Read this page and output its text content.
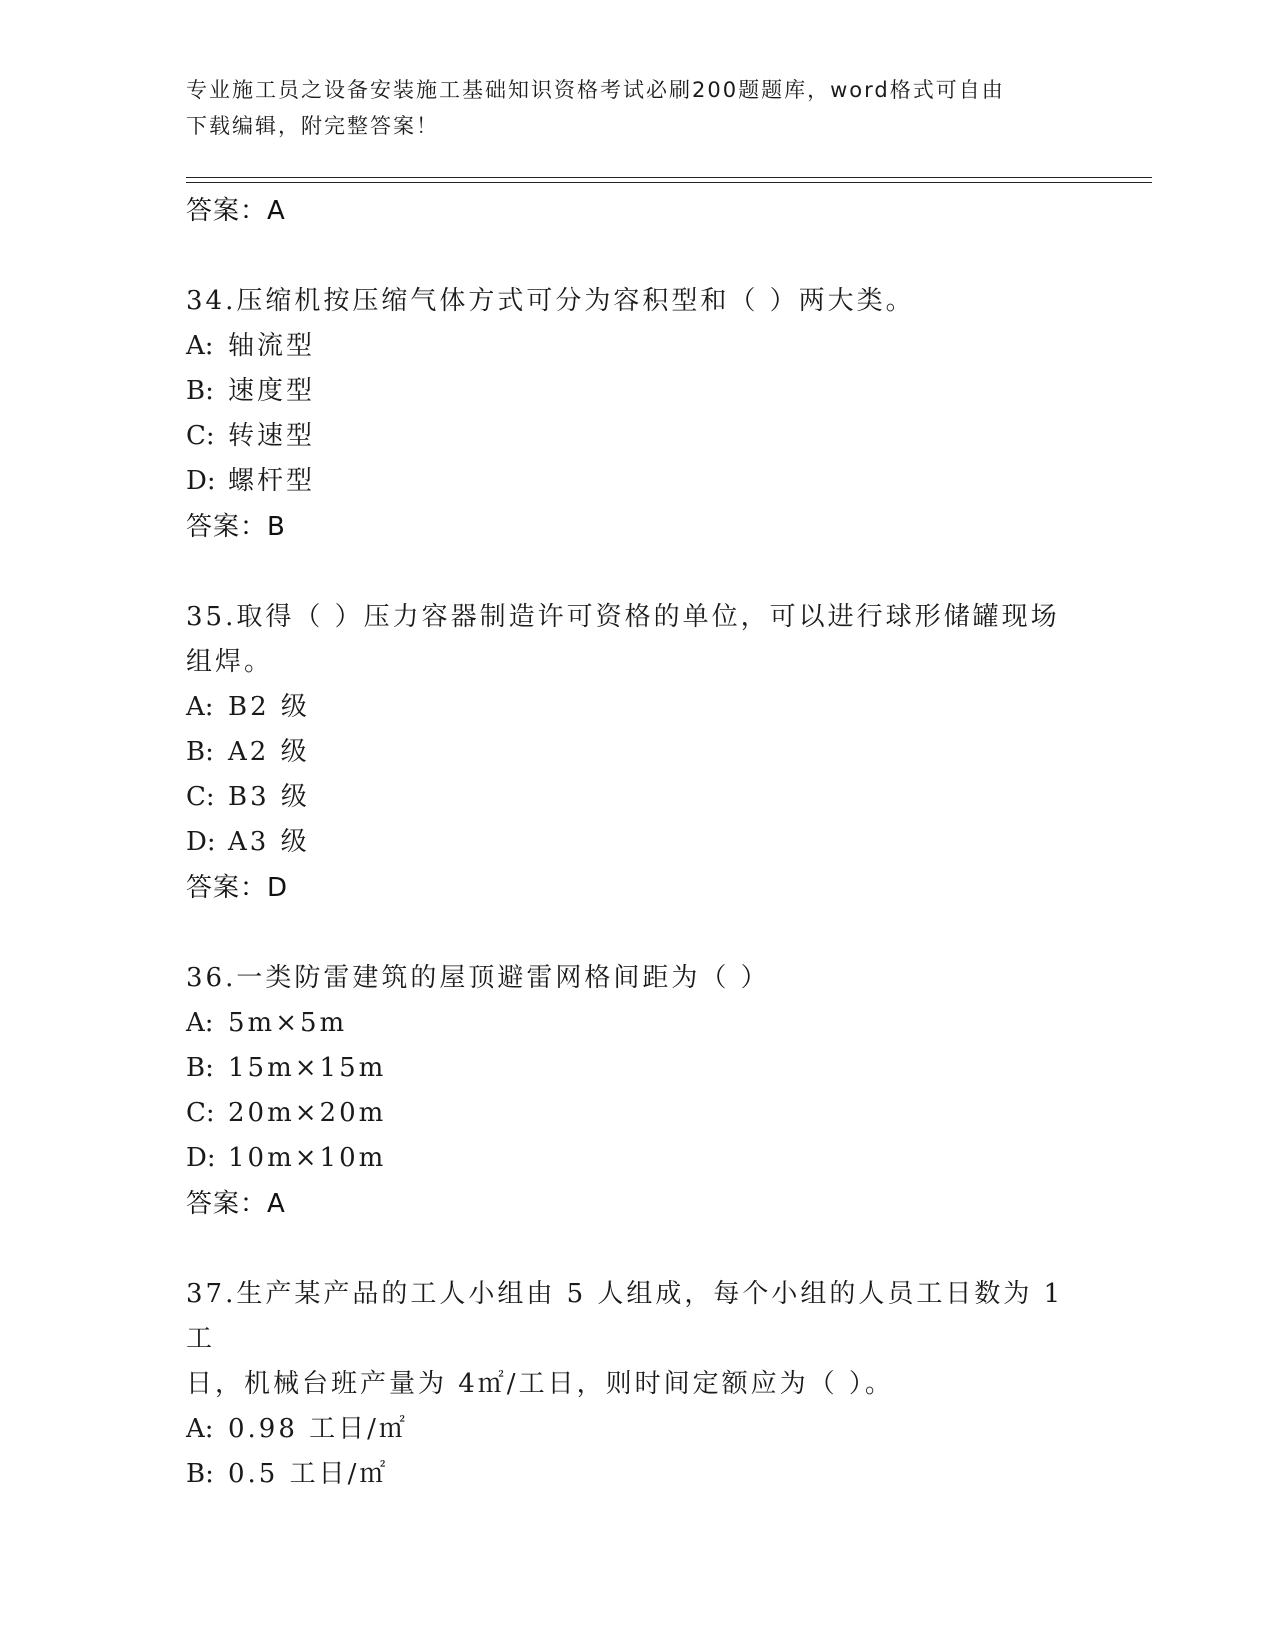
专业施工员之设备安装施工基础知识资格考试必刷200题题库，word格式可自由
下载编辑，附完整答案！
答案：A

34.压缩机按压缩气体方式可分为容积型和（ ）两大类。

A: 轴流型
B: 速度型
C: 转速型
D: 螺杆型
答案：B

35.取得（ ）压力容器制造许可资格的单位，可以进行球形储罐现场

组焊。

A: B2 级
B: A2 级
C: B3 级
D: A3 级
答案：D

36.一类防雷建筑的屋顶避雷网格间距为（ ）

A: 5m×5m
B: 15m×15m
C: 20m×20m
D: 10m×10m
答案：A

37.生产某产品的工人小组由 5 人组成，每个小组的人员工日数为 1 工

日，机械台班产量为 4㎡/工日，则时间定额应为（ ）。

A: 0.98 工日/㎡
B: 0.5 工日/㎡
